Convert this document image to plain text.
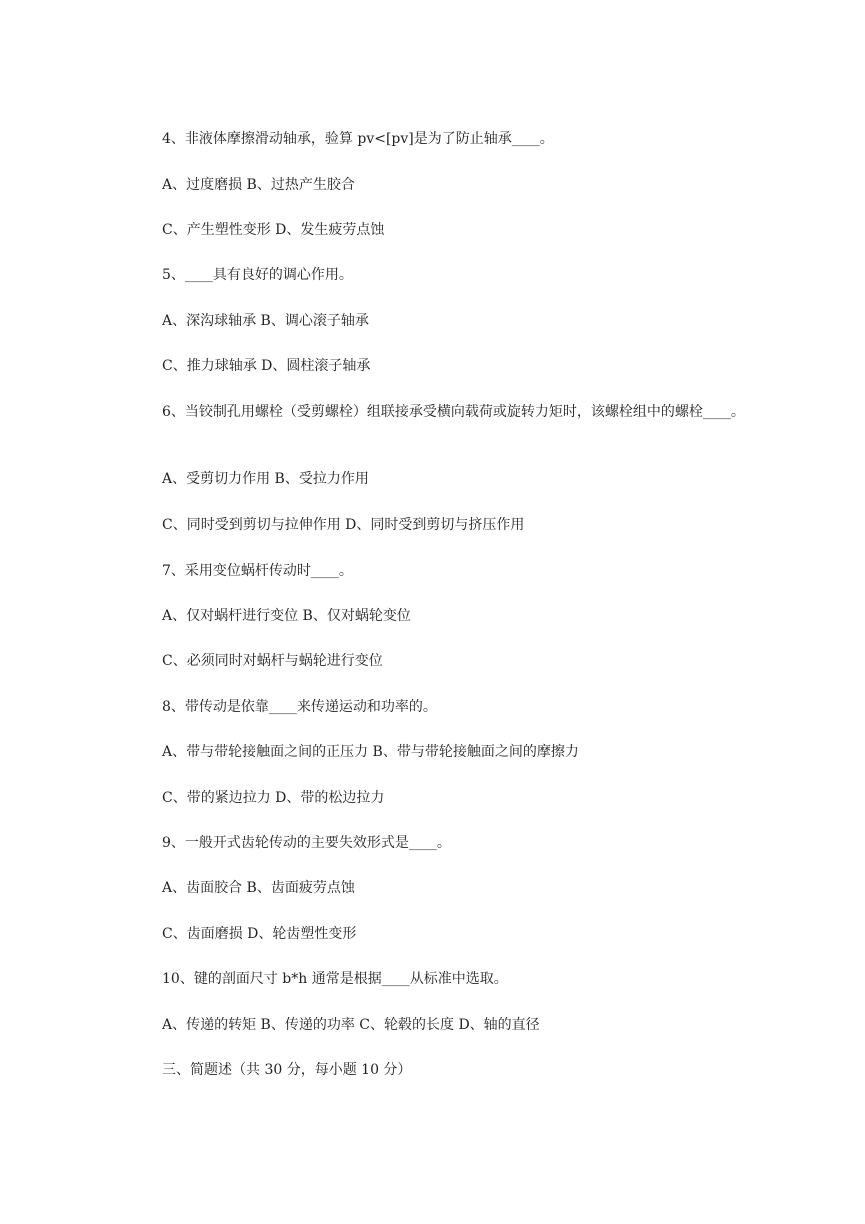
4、非液体摩擦滑动轴承，验算 pv<[pv]是为了防止轴承____。

A、过度磨损 B、过热产生胶合

C、产生塑性变形 D、发生疲劳点蚀

5、____具有良好的调心作用。

A、深沟球轴承 B、调心滚子轴承

C、推力球轴承 D、圆柱滚子轴承

6、当铰制孔用螺栓（受剪螺栓）组联接承受横向载荷或旋转力矩时，该螺栓组中的螺栓____。

A、受剪切力作用 B、受拉力作用

C、同时受到剪切与拉伸作用 D、同时受到剪切与挤压作用

7、采用变位蜗杆传动时____。

A、仅对蜗杆进行变位 B、仅对蜗轮变位

C、必须同时对蜗杆与蜗轮进行变位

8、带传动是依靠____来传递运动和功率的。

A、带与带轮接触面之间的正压力 B、带与带轮接触面之间的摩擦力

C、带的紧边拉力 D、带的松边拉力

9、一般开式齿轮传动的主要失效形式是____。

A、齿面胶合 B、齿面疲劳点蚀

C、齿面磨损 D、轮齿塑性变形

10、键的剖面尺寸 b*h 通常是根据____从标准中选取。

A、传递的转矩 B、传递的功率 C、轮毂的长度 D、轴的直径

三、简题述（共 30 分，每小题 10 分）
